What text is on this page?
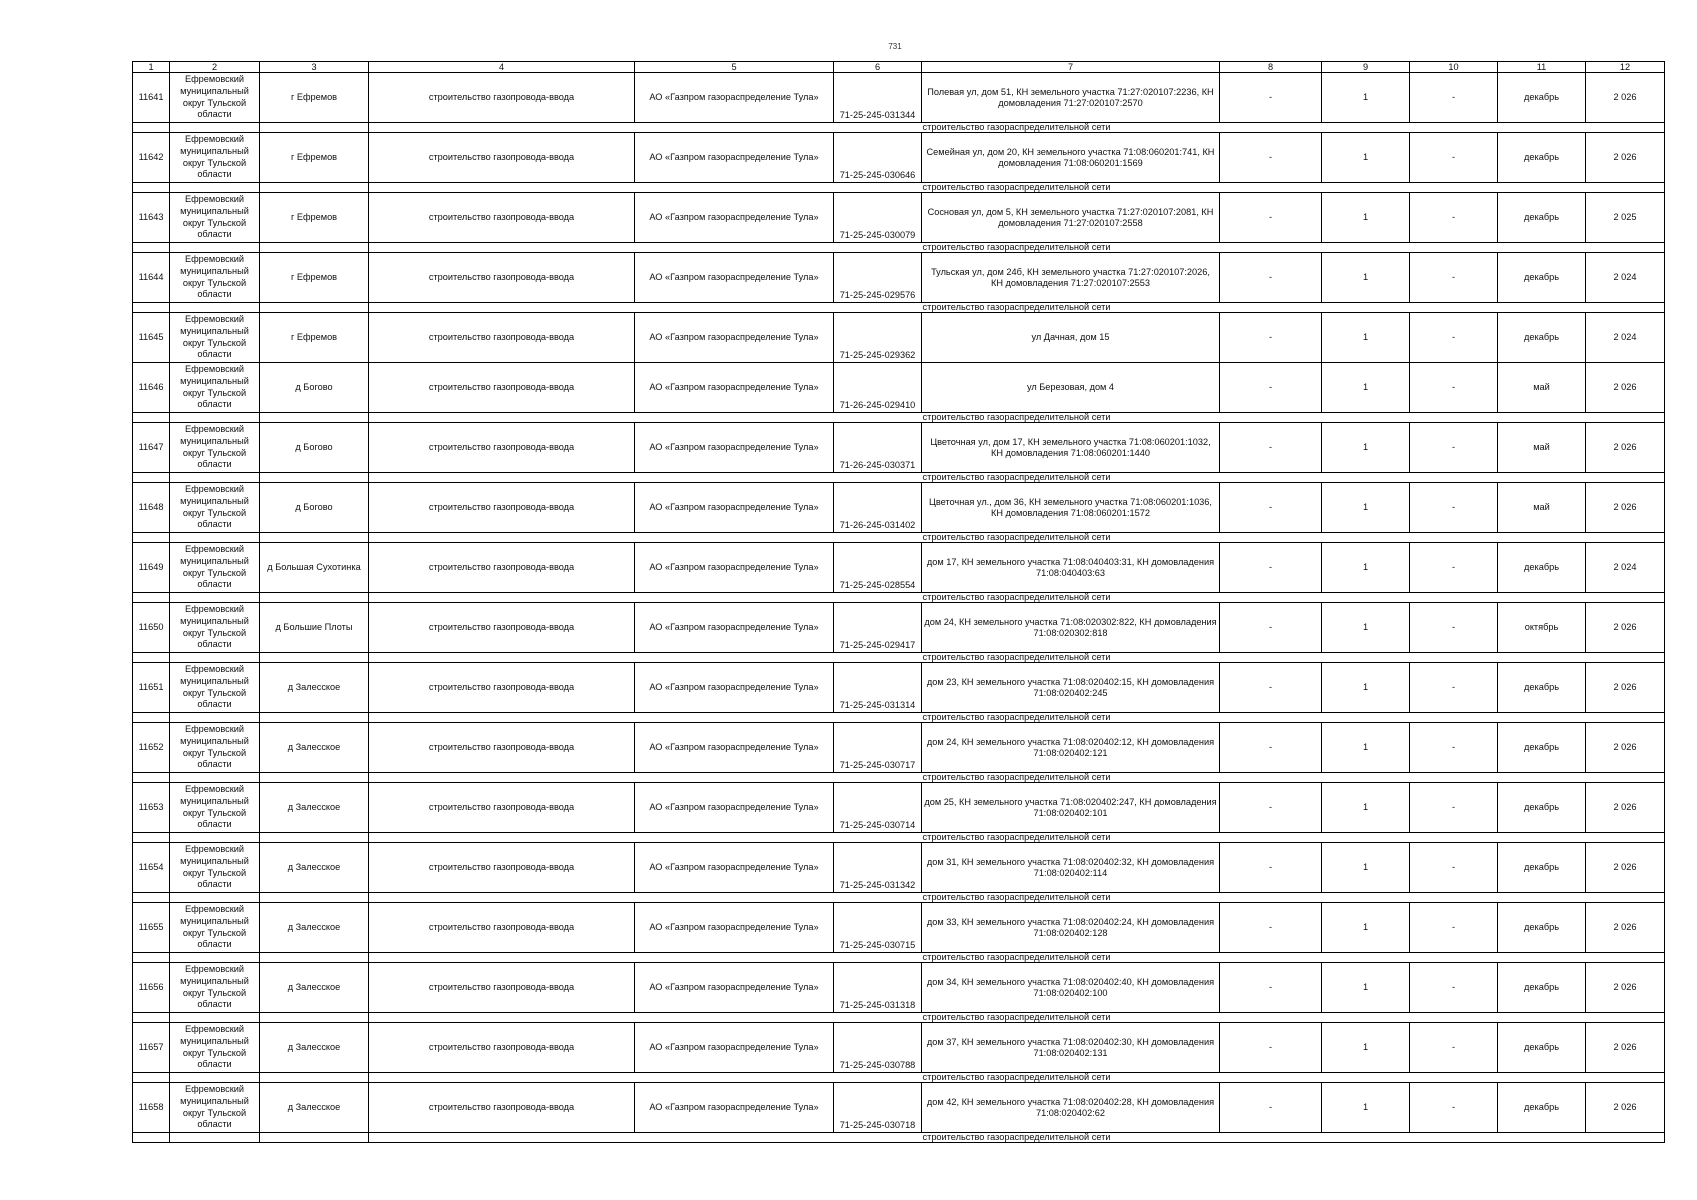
731
1	2	3	4	5	6	7	8	9	10	11	12
11641	Ефремовский муниципальный округ Тульской области	г Ефремов	строительство газопровода-ввода	АО «Газпром газораспределение Тула»	71-25-245-031344	Полевая ул, дом 51, КН земельного участка 71:27:020107:2236, КН домовладения 71:27:020107:2570	-	1	-	декабрь	2 026
			строительство газораспределительной сети								
11642	Ефремовский муниципальный округ Тульской области	г Ефремов	строительство газопровода-ввода	АО «Газпром газораспределение Тула»	71-25-245-030646	Семейная ул, дом 20, КН земельного участка 71:08:060201:741, КН домовладения 71:08:060201:1569	-	1	-	декабрь	2 026
			строительство газораспределительной сети								
11643	Ефремовский муниципальный округ Тульской области	г Ефремов	строительство газопровода-ввода	АО «Газпром газораспределение Тула»	71-25-245-030079	Сосновая ул, дом 5, КН земельного участка 71:27:020107:2081, КН домовладения 71:27:020107:2558	-	1	-	декабрь	2 025
			строительство газораспределительной сети								
11644	Ефремовский муниципальный округ Тульской области	г Ефремов	строительство газопровода-ввода	АО «Газпром газораспределение Тула»	71-25-245-029576	Тульская ул, дом 24б, КН земельного участка 71:27:020107:2026, КН домовладения 71:27:020107:2553	-	1	-	декабрь	2 024
			строительство газораспределительной сети								
11645	Ефремовский муниципальный округ Тульской области	г Ефремов	строительство газопровода-ввода	АО «Газпром газораспределение Тула»	71-25-245-029362	ул Дачная, дом 15	-	1	-	декабрь	2 024
11646	Ефремовский муниципальный округ Тульской области	д Богово	строительство газопровода-ввода	АО «Газпром газораспределение Тула»	71-26-245-029410	ул Березовая, дом 4	-	1	-	май	2 026
			строительство газораспределительной сети								
11647	Ефремовский муниципальный округ Тульской области	д Богово	строительство газопровода-ввода	АО «Газпром газораспределение Тула»	71-26-245-030371	Цветочная ул, дом 17, КН земельного участка 71:08:060201:1032, КН домовладения 71:08:060201:1440	-	1	-	май	2 026
			строительство газораспределительной сети								
11648	Ефремовский муниципальный округ Тульской области	д Богово	строительство газопровода-ввода	АО «Газпром газораспределение Тула»	71-26-245-031402	Цветочная ул., дом 36, КН земельного участка 71:08:060201:1036, КН домовладения 71:08:060201:1572	-	1	-	май	2 026
			строительство газораспределительной сети								
11649	Ефремовский муниципальный округ Тульской области	д Большая Сухотинка	строительство газопровода-ввода	АО «Газпром газораспределение Тула»	71-25-245-028554	дом 17, КН земельного участка 71:08:040403:31, КН домовладения 71:08:040403:63	-	1	-	декабрь	2 024
			строительство газораспределительной сети								
11650	Ефремовский муниципальный округ Тульской области	д Большие Плоты	строительство газопровода-ввода	АО «Газпром газораспределение Тула»	71-25-245-029417	дом 24, КН земельного участка 71:08:020302:822, КН домовладения 71:08:020302:818	-	1	-	октябрь	2 026
			строительство газораспределительной сети								
11651	Ефремовский муниципальный округ Тульской области	д Залесское	строительство газопровода-ввода	АО «Газпром газораспределение Тула»	71-25-245-031314	дом 23, КН земельного участка 71:08:020402:15, КН домовладения 71:08:020402:245	-	1	-	декабрь	2 026
			строительство газораспределительной сети								
11652	Ефремовский муниципальный округ Тульской области	д Залесское	строительство газопровода-ввода	АО «Газпром газораспределение Тула»	71-25-245-030717	дом 24, КН земельного участка 71:08:020402:12, КН домовладения 71:08:020402:121	-	1	-	декабрь	2 026
			строительство газораспределительной сети								
11653	Ефремовский муниципальный округ Тульской области	д Залесское	строительство газопровода-ввода	АО «Газпром газораспределение Тула»	71-25-245-030714	дом 25, КН земельного участка 71:08:020402:247, КН домовладения 71:08:020402:101	-	1	-	декабрь	2 026
			строительство газораспределительной сети								
11654	Ефремовский муниципальный округ Тульской области	д Залесское	строительство газопровода-ввода	АО «Газпром газораспределение Тула»	71-25-245-031342	дом 31, КН земельного участка 71:08:020402:32, КН домовладения 71:08:020402:114	-	1	-	декабрь	2 026
			строительство газораспределительной сети								
11655	Ефремовский муниципальный округ Тульской области	д Залесское	строительство газопровода-ввода	АО «Газпром газораспределение Тула»	71-25-245-030715	дом 33, КН земельного участка 71:08:020402:24, КН домовладения 71:08:020402:128	-	1	-	декабрь	2 026
			строительство газораспределительной сети								
11656	Ефремовский муниципальный округ Тульской области	д Залесское	строительство газопровода-ввода	АО «Газпром газораспределение Тула»	71-25-245-031318	дом 34, КН земельного участка 71:08:020402:40, КН домовладения 71:08:020402:100	-	1	-	декабрь	2 026
			строительство газораспределительной сети								
11657	Ефремовский муниципальный округ Тульской области	д Залесское	строительство газопровода-ввода	АО «Газпром газораспределение Тула»	71-25-245-030788	дом 37, КН земельного участка 71:08:020402:30, КН домовладения 71:08:020402:131	-	1	-	декабрь	2 026
			строительство газораспределительной сети								
11658	Ефремовский муниципальный округ Тульской области	д Залесское	строительство газопровода-ввода	АО «Газпром газораспределение Тула»	71-25-245-030718	дом 42, КН земельного участка 71:08:020402:28, КН домовладения 71:08:020402:62	-	1	-	декабрь	2 026
			строительство газораспределительной сети								
